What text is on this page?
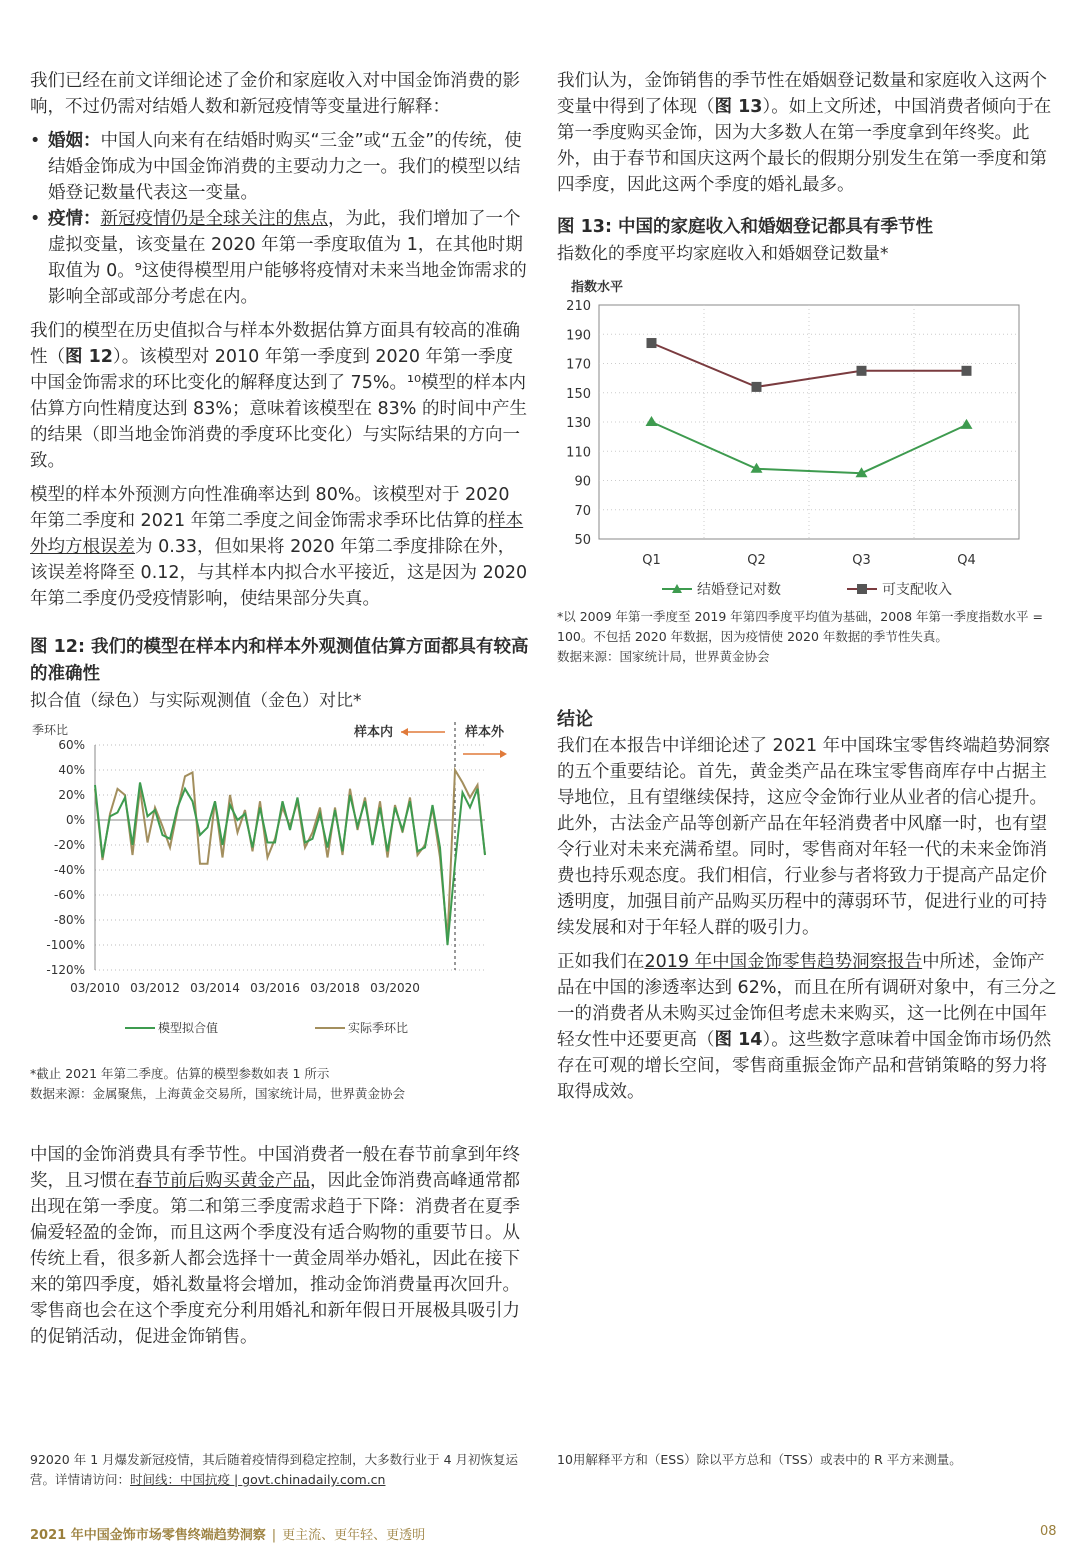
我们已经在前文详细论述了金价和家庭收入对中国金饰消费的影响，不过仍需对结婚人数和新冠疫情等变量进行解释：

• 婚姻：中国人向来有在结婚时购买“三金”或“五金”的传统，使结婚金饰成为中国金饰消费的主要动力之一。我们的模型以结婚登记数量代表这一变量。

• 疫情：新冠疫情仍是全球关注的焦点，为此，我们增加了一个虚拟变量，该变量在 2020 年第一季度取值为 1，在其他时期取值为 0。⁹这使得模型用户能够将疫情对未来当地金饰需求的影响全部或部分考虑在内。

我们的模型在历史值拟合与样本外数据估算方面具有较高的准确性（图 12）。该模型对 2010 年第一季度到 2020 年第一季度中国金饰需求的环比变化的解释度达到了 75%。¹⁰模型的样本内估算方向性精度达到 83%；意味着该模型在 83% 的时间中产生的结果（即当地金饰消费的季度环比变化）与实际结果的方向一致。

模型的样本外预测方向性准确率达到 80%。该模型对于 2020 年第二季度和 2021 年第二季度之间金饰需求季环比估算的样本外均方根误差为 0.33，但如果将 2020 年第二季度排除在外，该误差将降至 0.12，与其样本内拟合水平接近，这是因为 2020 年第二季度仍受疫情影响，使结果部分失真。

图 12: 我们的模型在样本内和样本外观测值估算方面都具有较高的准确性

拟合值（绿色）与实际观测值（金色）对比*

季环比
60%
40%
20%
0%
-20%
-40%
-60%
-80%
-100%
-120%
03/2010 03/2012 03/2014 03/2016 03/2018 03/2020
样本内	样本外
模型拟合值	实际季环比

*截止 2021 年第二季度。估算的模型参数如表 1 所示

数据来源：金属聚焦，上海黄金交易所，国家统计局，世界黄金协会

中国的金饰消费具有季节性。中国消费者一般在春节前拿到年终奖，且习惯在春节前后购买黄金产品，因此金饰消费高峰通常都出现在第一季度。第二和第三季度需求趋于下降：消费者在夏季偏爱轻盈的金饰，而且这两个季度没有适合购物的重要节日。从传统上看，很多新人都会选择十一黄金周举办婚礼，因此在接下来的第四季度，婚礼数量将会增加，推动金饰消费量再次回升。零售商也会在这个季度充分利用婚礼和新年假日开展极具吸引力的促销活动，促进金饰销售。

我们认为，金饰销售的季节性在婚姻登记数量和家庭收入这两个变量中得到了体现（图 13）。如上文所述，中国消费者倾向于在第一季度购买金饰，因为大多数人在第一季度拿到年终奖。此外，由于春节和国庆这两个最长的假期分别发生在第一季度和第四季度，因此这两个季度的婚礼最多。

图 13: 中国的家庭收入和婚姻登记都具有季节性

指数化的季度平均家庭收入和婚姻登记数量*

指数水平
210
190
170
150
130
110
90
70
50
Q1	Q2	Q3	Q4
结婚登记对数	可支配收入

*以 2009 年第一季度至 2019 年第四季度平均值为基础，2008 年第一季度指数水平 = 100。不包括 2020 年数据，因为疫情使 2020 年数据的季节性失真。

数据来源：国家统计局，世界黄金协会

结论

我们在本报告中详细论述了 2021 年中国珠宝零售终端趋势洞察的五个重要结论。首先，黄金类产品在珠宝零售商库存中占据主导地位，且有望继续保持，这应令金饰行业从业者的信心提升。此外，古法金产品等创新产品在年轻消费者中风靡一时，也有望令行业对未来充满希望。同时，零售商对年轻一代的未来金饰消费也持乐观态度。我们相信，行业参与者将致力于提高产品定价透明度，加强目前产品购买历程中的薄弱环节，促进行业的可持续发展和对于年轻人群的吸引力。

正如我们在2019 年中国金饰零售趋势洞察报告中所述，金饰产品在中国的渗透率达到 62%，而且在所有调研对象中，有三分之一的消费者从未购买过金饰但考虑未来购买，这一比例在中国年轻女性中还要更高（图 14）。这些数字意味着中国金饰市场仍然存在可观的增长空间，零售商重振金饰产品和营销策略的努力将取得成效。

92020 年 1 月爆发新冠疫情，其后随着疫情得到稳定控制，大多数行业于 4 月初恢复运营。详情请访问：时间线：中国抗疫 | govt.chinadaily.com.cn

10用解释平方和（ESS）除以平方总和（TSS）或表中的 R 平方来测量。

2021 年中国金饰市场零售终端趋势洞察 | 更主流、更年轻、更透明	08
